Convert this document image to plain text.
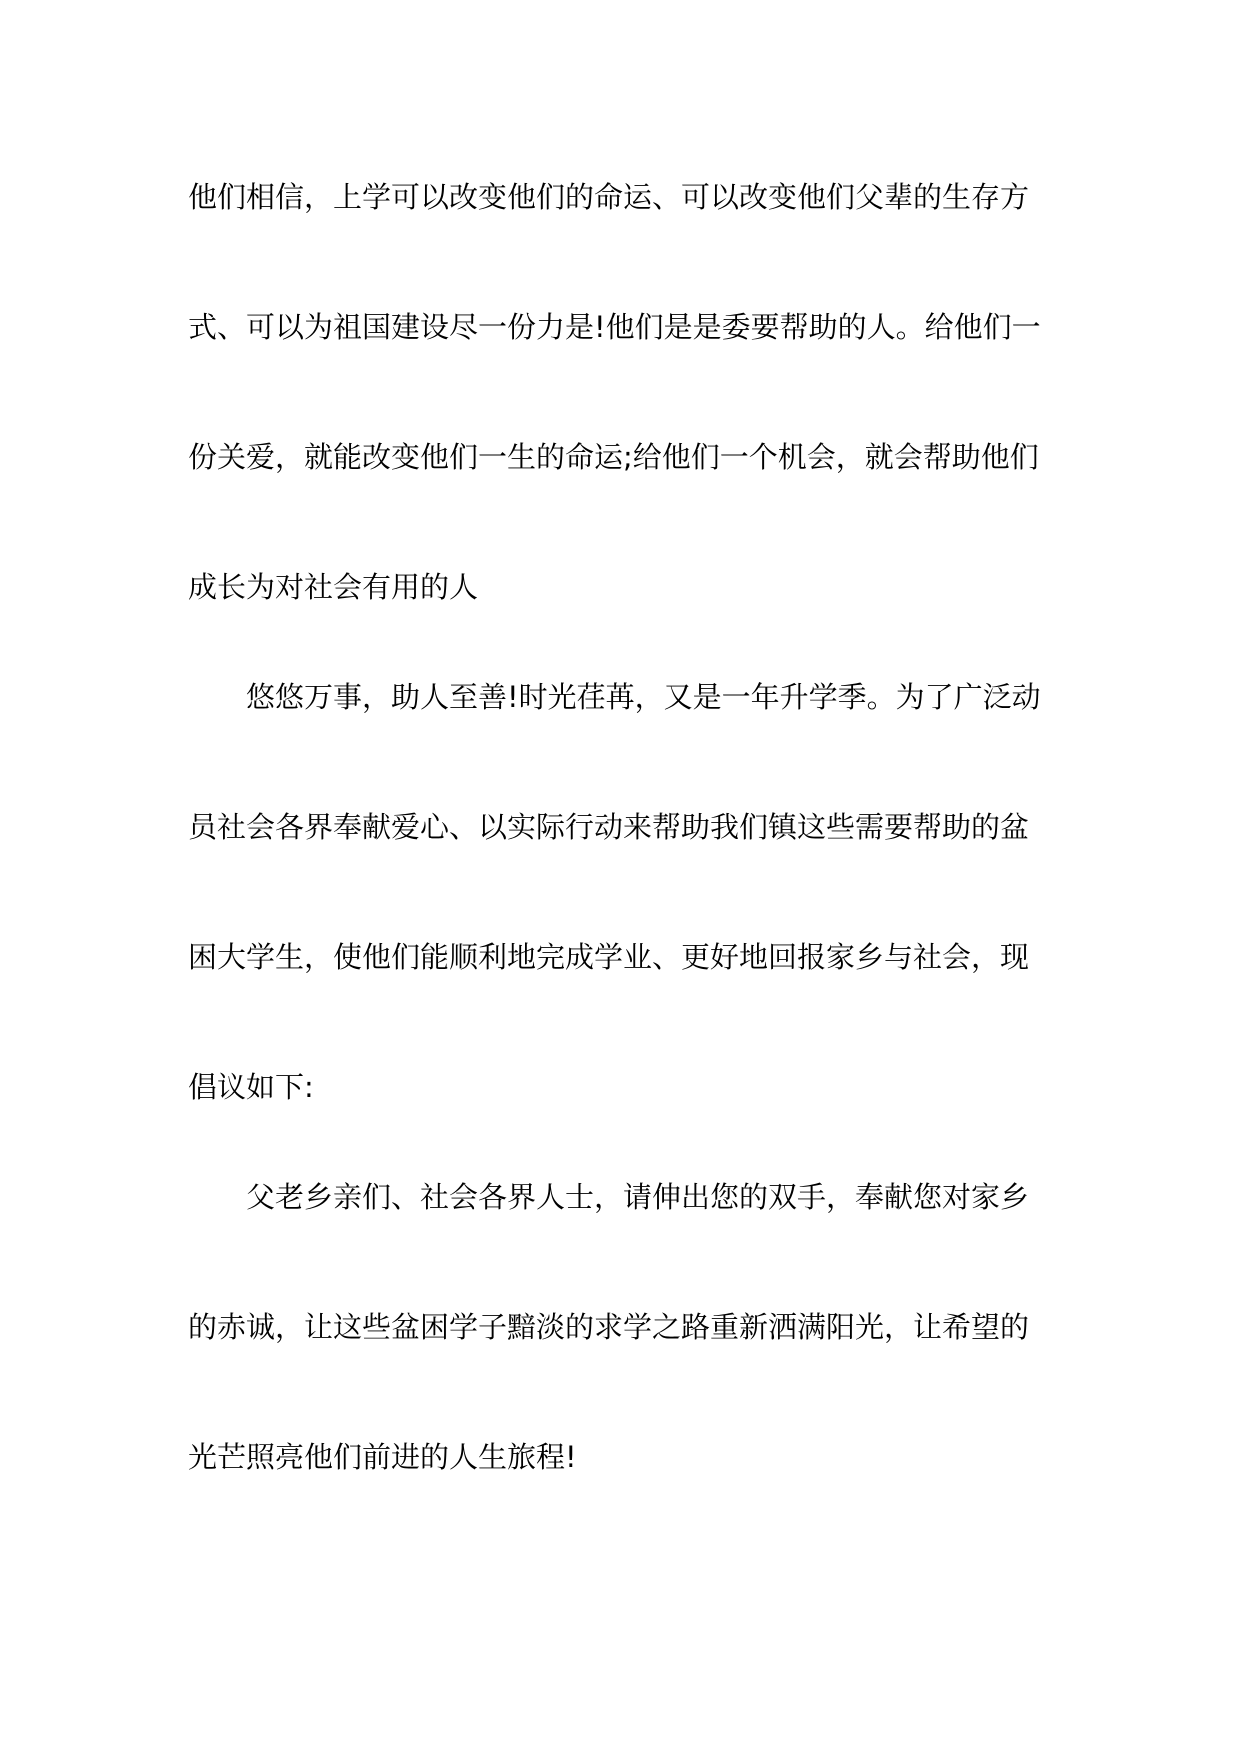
他们相信，上学可以改变他们的命运、可以改变他们父辈的生存方
式、可以为祖国建设尽一份力是!他们是是委要帮助的人。给他们一
份关爱，就能改变他们一生的命运;给他们一个机会，就会帮助他们
成长为对社会有用的人
悠悠万事，助人至善!时光荏苒，又是一年升学季。为了广泛动
员社会各界奉献爱心、以实际行动来帮助我们镇这些需要帮助的盆
困大学生，使他们能顺利地完成学业、更好地回报家乡与社会，现
倡议如下:
父老乡亲们、社会各界人士，请伸出您的双手，奉献您对家乡
的赤诚，让这些盆困学子黯淡的求学之路重新洒满阳光，让希望的
光芒照亮他们前进的人生旅程!
